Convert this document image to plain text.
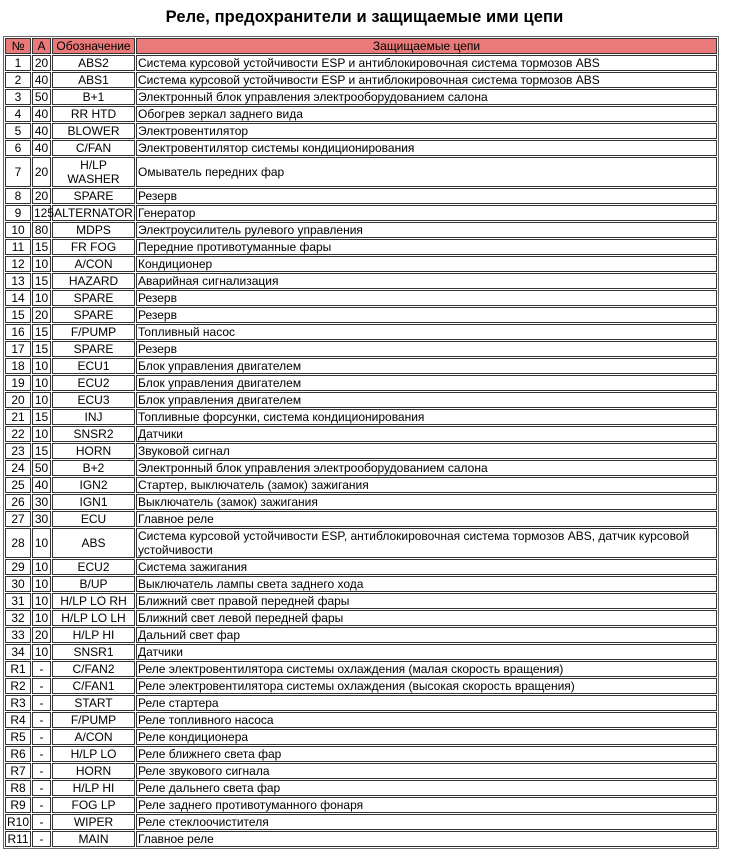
Реле, предохранители и защищаемые ими цепи
№	A	Обозначение	Защищаемые цепи
1	20	ABS2	Система курсовой устойчивости ESP и антиблокировочная система тормозов ABS
2	40	ABS1	Система курсовой устойчивости ESP и антиблокировочная система тормозов ABS
3	50	B+1	Электронный блок управления электрооборудованием салона
4	40	RR HTD	Обогрев зеркал заднего вида
5	40	BLOWER	Электровентилятор
6	40	C/FAN	Электровентилятор системы кондиционирования
7	20	H/LP WASHER	Омыватель передних фар
8	20	SPARE	Резерв
9	125	ALTERNATOR	Генератор
10	80	MDPS	Электроусилитель рулевого управления
11	15	FR FOG	Передние противотуманные фары
12	10	A/CON	Кондиционер
13	15	HAZARD	Аварийная сигнализация
14	10	SPARE	Резерв
15	20	SPARE	Резерв
16	15	F/PUMP	Топливный насос
17	15	SPARE	Резерв
18	10	ECU1	Блок управления двигателем
19	10	ECU2	Блок управления двигателем
20	10	ECU3	Блок управления двигателем
21	15	INJ	Топливные форсунки, система кондиционирования
22	10	SNSR2	Датчики
23	15	HORN	Звуковой сигнал
24	50	B+2	Электронный блок управления электрооборудованием салона
25	40	IGN2	Стартер, выключатель (замок) зажигания
26	30	IGN1	Выключатель (замок) зажигания
27	30	ECU	Главное реле
28	10	ABS	Система курсовой устойчивости ESP, антиблокировочная система тормозов ABS, датчик курсовой устойчивости
29	10	ECU2	Система зажигания
30	10	B/UP	Выключатель лампы света заднего хода
31	10	H/LP LO RH	Ближний свет правой передней фары
32	10	H/LP LO LH	Ближний свет левой передней фары
33	20	H/LP HI	Дальний свет фар
34	10	SNSR1	Датчики
R1	-	C/FAN2	Реле электровентилятора системы охлаждения (малая скорость вращения)
R2	-	C/FAN1	Реле электровентилятора системы охлаждения (высокая скорость вращения)
R3	-	START	Реле стартера
R4	-	F/PUMP	Реле топливного насоса
R5	-	A/CON	Реле кондиционера
R6	-	H/LP LO	Реле ближнего света фар
R7	-	HORN	Реле звукового сигнала
R8	-	H/LP HI	Реле дальнего света фар
R9	-	FOG LP	Реле заднего противотуманного фонаря
R10	-	WIPER	Реле стеклоочистителя
R11	-	MAIN	Главное реле
